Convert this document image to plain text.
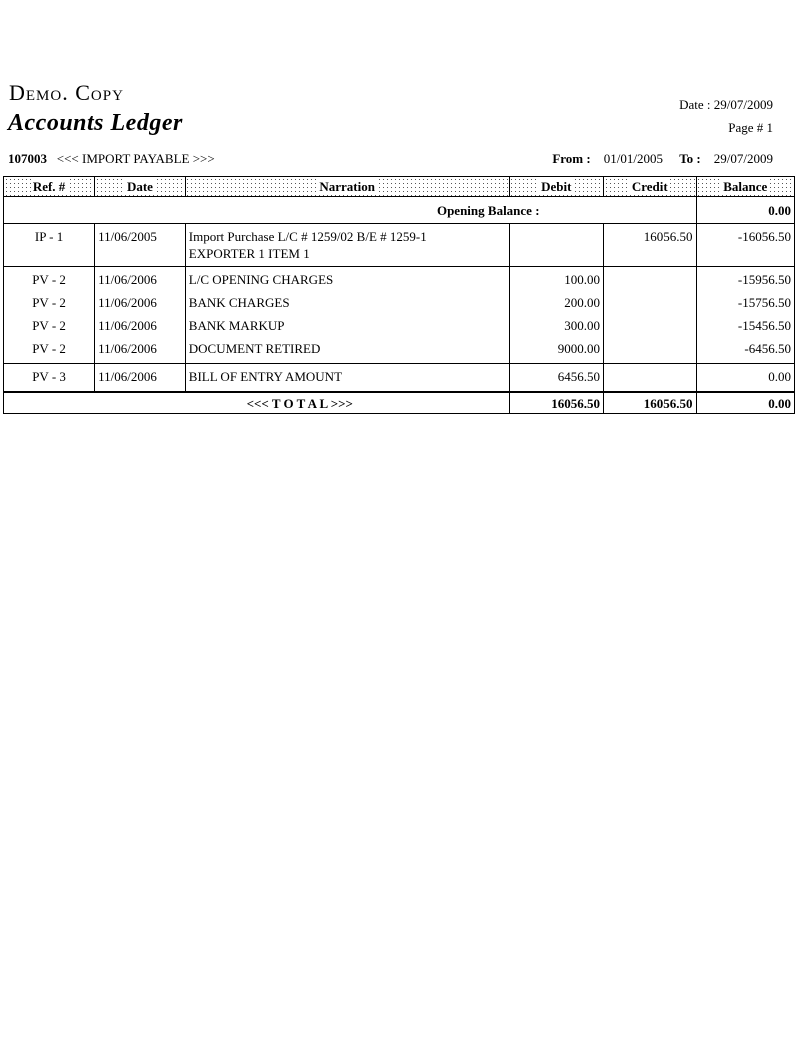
Demo. Copy
Accounts Ledger
Date : 29/07/2009
Page # 1
107003 <<< IMPORT PAYABLE >>>	From : 01/01/2005 To : 29/07/2009
Ref. #	Date	Narration	Debit	Credit	Balance
Opening Balance :					0.00
IP - 1	11/06/2005	Import Purchase L/C # 1259/02 B/E # 1259-1
EXPORTER 1 ITEM 1		16056.50	-16056.50
PV - 2	11/06/2006	L/C OPENING CHARGES	100.00		-15956.50
PV - 2	11/06/2006	BANK CHARGES	200.00		-15756.50
PV - 2	11/06/2006	BANK MARKUP	300.00		-15456.50
PV - 2	11/06/2006	DOCUMENT RETIRED	9000.00		-6456.50
PV - 3	11/06/2006	BILL OF ENTRY AMOUNT	6456.50		0.00
<<< T O T A L >>>			16056.50	16056.50	0.00
